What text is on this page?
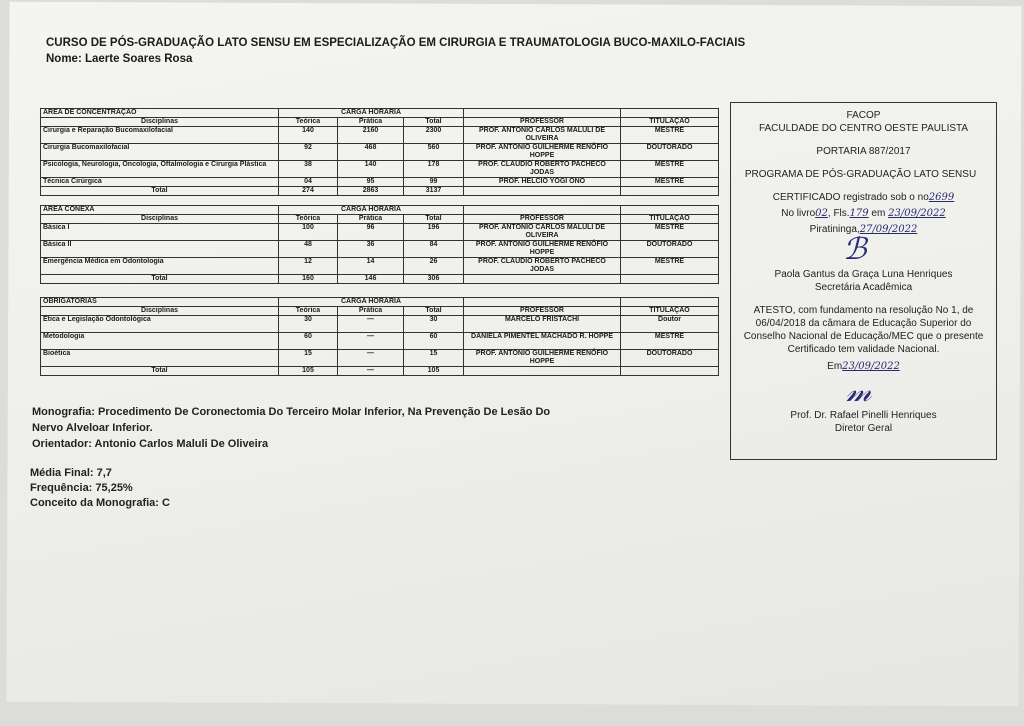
CURSO DE PÓS-GRADUAÇÃO LATO SENSU EM ESPECIALIZAÇÃO EM CIRURGIA E TRAUMATOLOGIA BUCO-MAXILO-FACIAIS
Nome: Laerte Soares Rosa
AREA DE CONCENTRAÇAO	CARGA HORARIA				
Disciplinas	Teórica	Prática	Total	PROFESSOR	TITULAÇAO
Cirurgia e Reparação Bucomaxilofacial	140	2160	2300	PROF. ANTONIO CARLOS MALULI DE OLIVEIRA	MESTRE
Cirurgia Bucomaxilofacial	92	468	560	PROF. ANTONIO GUILHERME RENÓFIO HOPPE	DOUTORADO
Psicologia, Neurologia, Oncologia, Oftalmologia e Cirurgia Plástica	38	140	178	PROF. CLAUDIO ROBERTO PACHECO JODAS	MESTRE
Técnica Cirúrgica	04	95	99	PROF. HELCIO YOGI ONO	MESTRE
Total	274	2863	3137		
AREA CONEXA	CARGA HORARIA				
Disciplinas	Teórica	Prática	Total	PROFESSOR	TITULAÇAO
Básica I	100	96	196	PROF. ANTONIO CARLOS MALULI DE OLIVEIRA	MESTRE
Básica II	48	36	84	PROF. ANTONIO GUILHERME RENÓFIO HOPPE	DOUTORADO
Emergência Médica em Odontologia	12	14	26	PROF. CLAUDIO ROBERTO PACHECO JODAS	MESTRE
Total	160	146	306		
OBRIGATORIAS	CARGA HORARIA				
Disciplinas	Teórica	Prática	Total	PROFESSOR	TITULAÇAO
Etica e Legislação Odontológica	30	—	30	MARCELO FRISTACHI	Doutor
Metodologia	60	—	60	DANIELA PIMENTEL MACHADO R. HOPPE	MESTRE
Bioética	15	—	15	PROF. ANTONIO GUILHERME RENÓFIO HOPPE	DOUTORADO
Total	105	—	105		
FACOP
FACULDADE DO CENTRO OESTE PAULISTA
PORTARIA 887/2017
PROGRAMA DE PÓS-GRADUAÇÃO LATO SENSU
CERTIFICADO registrado sob o no2699
No livro02, Fls.179 em 23/09/2022
Piratininga,27/09/2022
ℬ
Paola Gantus da Graça Luna Henriques
Secretária Acadêmica
ATESTO, com fundamento na resolução No 1, de 06/04/2018 da câmara de Educação Superior do Conselho Nacional de Educação/MEC que o presente Certificado tem validade Nacional.
Em23/09/2022
𝓂
Prof. Dr. Rafael Pinelli Henriques
Diretor Geral
Monografia: Procedimento De Coronectomia Do Terceiro Molar Inferior, Na Prevenção De Lesão Do Nervo Alveloar Inferior.
Orientador: Antonio Carlos Maluli De Oliveira
Média Final: 7,7
Frequência: 75,25%
Conceito da Monografia: C
